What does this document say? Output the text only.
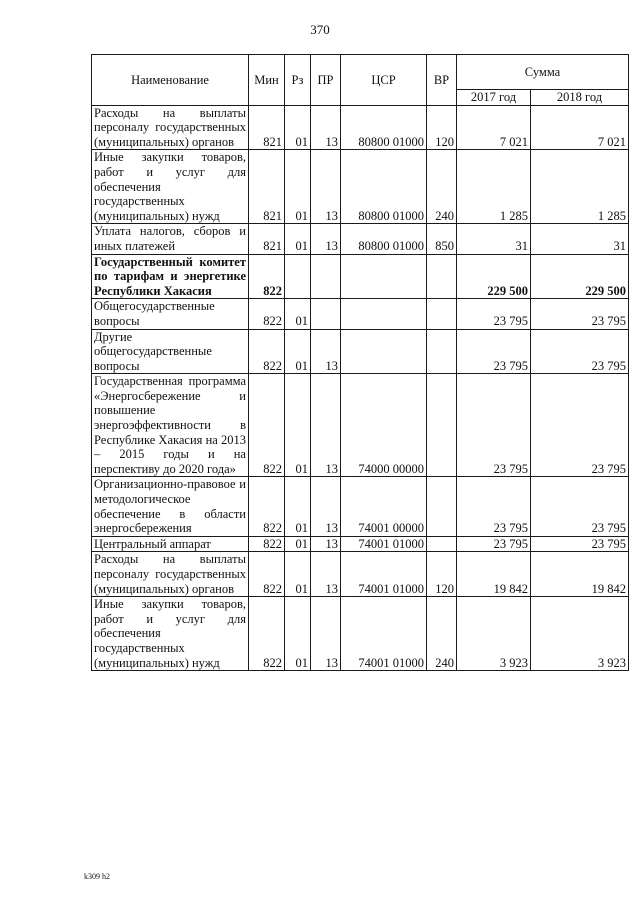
370
Наименование	Мин	Рз	ПР	ЦСР	ВР	Сумма	
						2017 год	2018 год
Расходы на выплаты персоналу государственных (муниципальных) органов	821	01	13	80800 01000	120	7 021	7 021
Иные закупки товаров, работ и услуг для обеспечения государственных (муниципальных) нужд	821	01	13	80800 01000	240	1 285	1 285
Уплата налогов, сборов и иных платежей	821	01	13	80800 01000	850	31	31
Государственный комитет по тарифам и энергетике Республики Хакасия	822					229 500	229 500
Общегосударственные вопросы	822	01				23 795	23 795
Другие общегосударственные вопросы	822	01	13			23 795	23 795
Государственная программа «Энергосбережение и повышение энергоэффективности в Республике Хакасия на 2013 – 2015 годы и на перспективу до 2020 года»	822	01	13	74000 00000		23 795	23 795
Организационно-правовое и методологическое обеспечение в области энергосбережения	822	01	13	74001 00000		23 795	23 795
Центральный аппарат	822	01	13	74001 01000		23 795	23 795
Расходы на выплаты персоналу государственных (муниципальных) органов	822	01	13	74001 01000	120	19 842	19 842
Иные закупки товаров, работ и услуг для обеспечения государственных (муниципальных) нужд	822	01	13	74001 01000	240	3 923	3 923
k309 h2
